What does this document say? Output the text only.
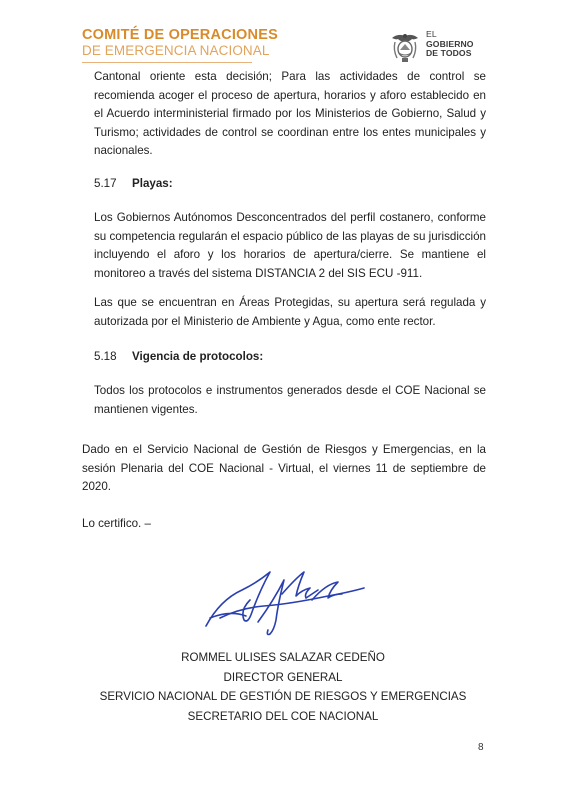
COMITÉ DE OPERACIONES
DE EMERGENCIA NACIONAL
EL
GOBIERNO
DE TODOS
Cantonal oriente esta decisión; Para las actividades de control se recomienda acoger el proceso de apertura, horarios y aforo establecido en el Acuerdo interministerial firmado por los Ministerios de Gobierno, Salud y Turismo; actividades de control se coordinan entre los entes municipales y nacionales.
5.17 Playas:
Los Gobiernos Autónomos Desconcentrados del perfil costanero, conforme su competencia regularán el espacio público de las playas de su jurisdicción incluyendo el aforo y los horarios de apertura/cierre. Se mantiene el monitoreo a través del sistema DISTANCIA 2 del SIS ECU -911.
Las que se encuentran en Áreas Protegidas, su apertura será regulada y autorizada por el Ministerio de Ambiente y Agua, como ente rector.
5.18 Vigencia de protocolos:
Todos los protocolos e instrumentos generados desde el COE Nacional se mantienen vigentes.
Dado en el Servicio Nacional de Gestión de Riesgos y Emergencias, en la sesión Plenaria del COE Nacional - Virtual, el viernes 11 de septiembre de 2020.
Lo certifico. –
ROMMEL ULISES SALAZAR CEDEÑO
DIRECTOR GENERAL
SERVICIO NACIONAL DE GESTIÓN DE RIESGOS Y EMERGENCIAS
SECRETARIO DEL COE NACIONAL
8
